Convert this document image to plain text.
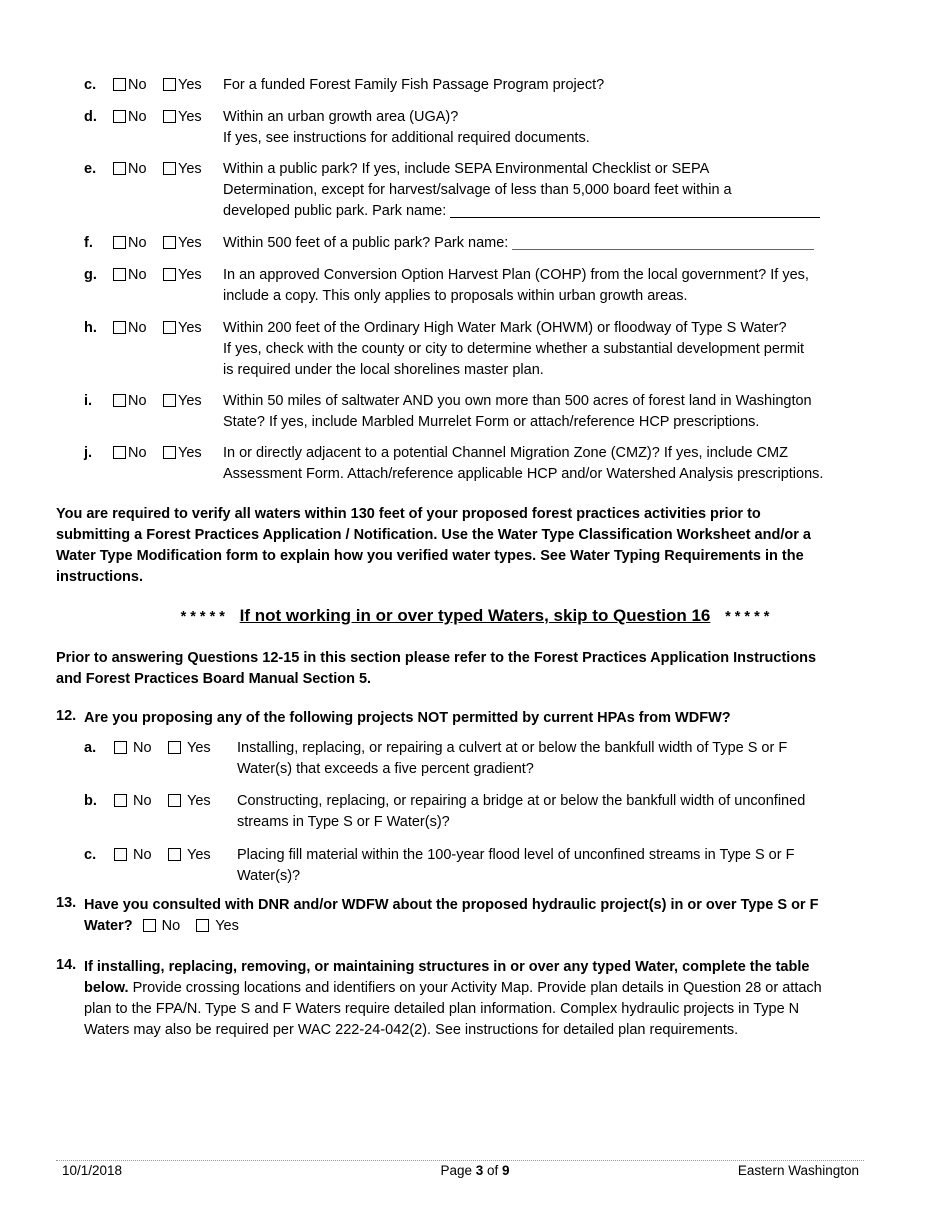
c.	No	Yes For a funded Forest Family Fish Passage Program project?
d.	No	Yes Within an urban growth area (UGA)?
If yes, see instructions for additional required documents.
e.	No	Yes Within a public park? If yes, include SEPA Environmental Checklist or SEPA
Determination, except for harvest/salvage of less than 5,000 board feet within a
developed public park. Park name:
f.	No	Yes Within 500 feet of a public park? Park name:
g.	No	Yes In an approved Conversion Option Harvest Plan (COHP) from the local government? If yes,
include a copy. This only applies to proposals within urban growth areas.
h.	No	Yes Within 200 feet of the Ordinary High Water Mark (OHWM) or floodway of Type S Water?
If yes, check with the county or city to determine whether a substantial development permit
is required under the local shorelines master plan.
i.	No	Yes Within 50 miles of saltwater AND you own more than 500 acres of forest land in Washington
State? If yes, include Marbled Murrelet Form or attach/reference HCP prescriptions.
j.	No	Yes In or directly adjacent to a potential Channel Migration Zone (CMZ)? If yes, include CMZ
Assessment Form. Attach/reference applicable HCP and/or Watershed Analysis prescriptions.
You are required to verify all waters within 130 feet of your proposed forest practices activities prior to
submitting a Forest Practices Application / Notification. Use the Water Type Classification Worksheet and/or a
Water Type Modification form to explain how you verified water types. See Water Typing Requirements in the
instructions.
* * * * * If not working in or over typed Waters, skip to Question 16 * * * * *
Prior to answering Questions 12-15 in this section please refer to the Forest Practices Application Instructions
and Forest Practices Board Manual Section 5.
12. Are you proposing any of the following projects NOT permitted by current HPAs from WDFW?
a.	No	Yes Installing, replacing, or repairing a culvert at or below the bankfull width of Type S or F
Water(s) that exceeds a five percent gradient?
b.	No	Yes Constructing, replacing, or repairing a bridge at or below the bankfull width of unconfined
streams in Type S or F Water(s)?
c.	No	Yes Placing fill material within the 100-year flood level of unconfined streams in Type S or F
Water(s)?
13. Have you consulted with DNR and/or WDFW about the proposed hydraulic project(s) in or over Type S or F
Water? No Yes
14. If installing, replacing, removing, or maintaining structures in or over any typed Water, complete the table
below. Provide crossing locations and identifiers on your Activity Map. Provide plan details in Question 28 or attach
plan to the FPA/N. Type S and F Waters require detailed plan information. Complex hydraulic projects in Type N
Waters may also be required per WAC 222-24-042(2). See instructions for detailed plan requirements.
10/1/2018	Page 3 of 9	Eastern Washington
